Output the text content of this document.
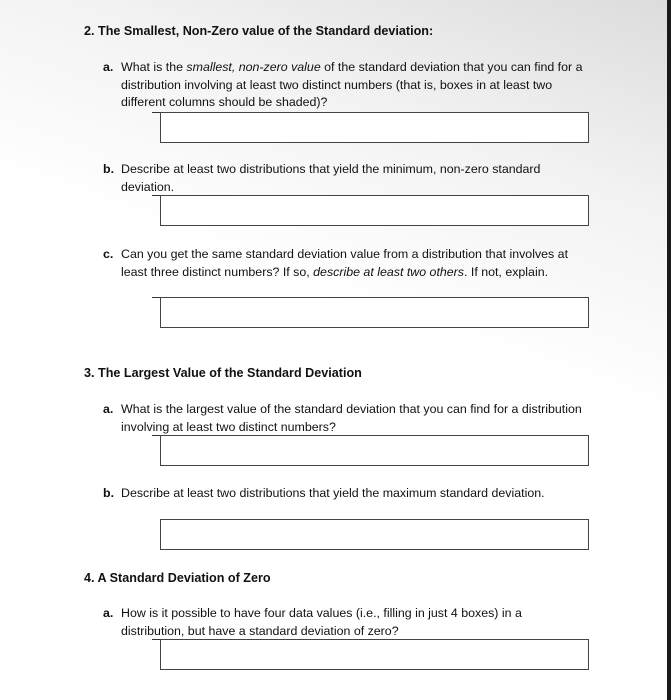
2. The Smallest, Non-Zero value of the Standard deviation:
a. What is the smallest, non-zero value of the standard deviation that you can find for a distribution involving at least two distinct numbers (that is, boxes in at least two different columns should be shaded)?
b. Describe at least two distributions that yield the minimum, non-zero standard deviation.
c. Can you get the same standard deviation value from a distribution that involves at least three distinct numbers? If so, describe at least two others. If not, explain.
3. The Largest Value of the Standard Deviation
a. What is the largest value of the standard deviation that you can find for a distribution involving at least two distinct numbers?
b. Describe at least two distributions that yield the maximum standard deviation.
4. A Standard Deviation of Zero
a. How is it possible to have four data values (i.e., filling in just 4 boxes) in a distribution, but have a standard deviation of zero?
